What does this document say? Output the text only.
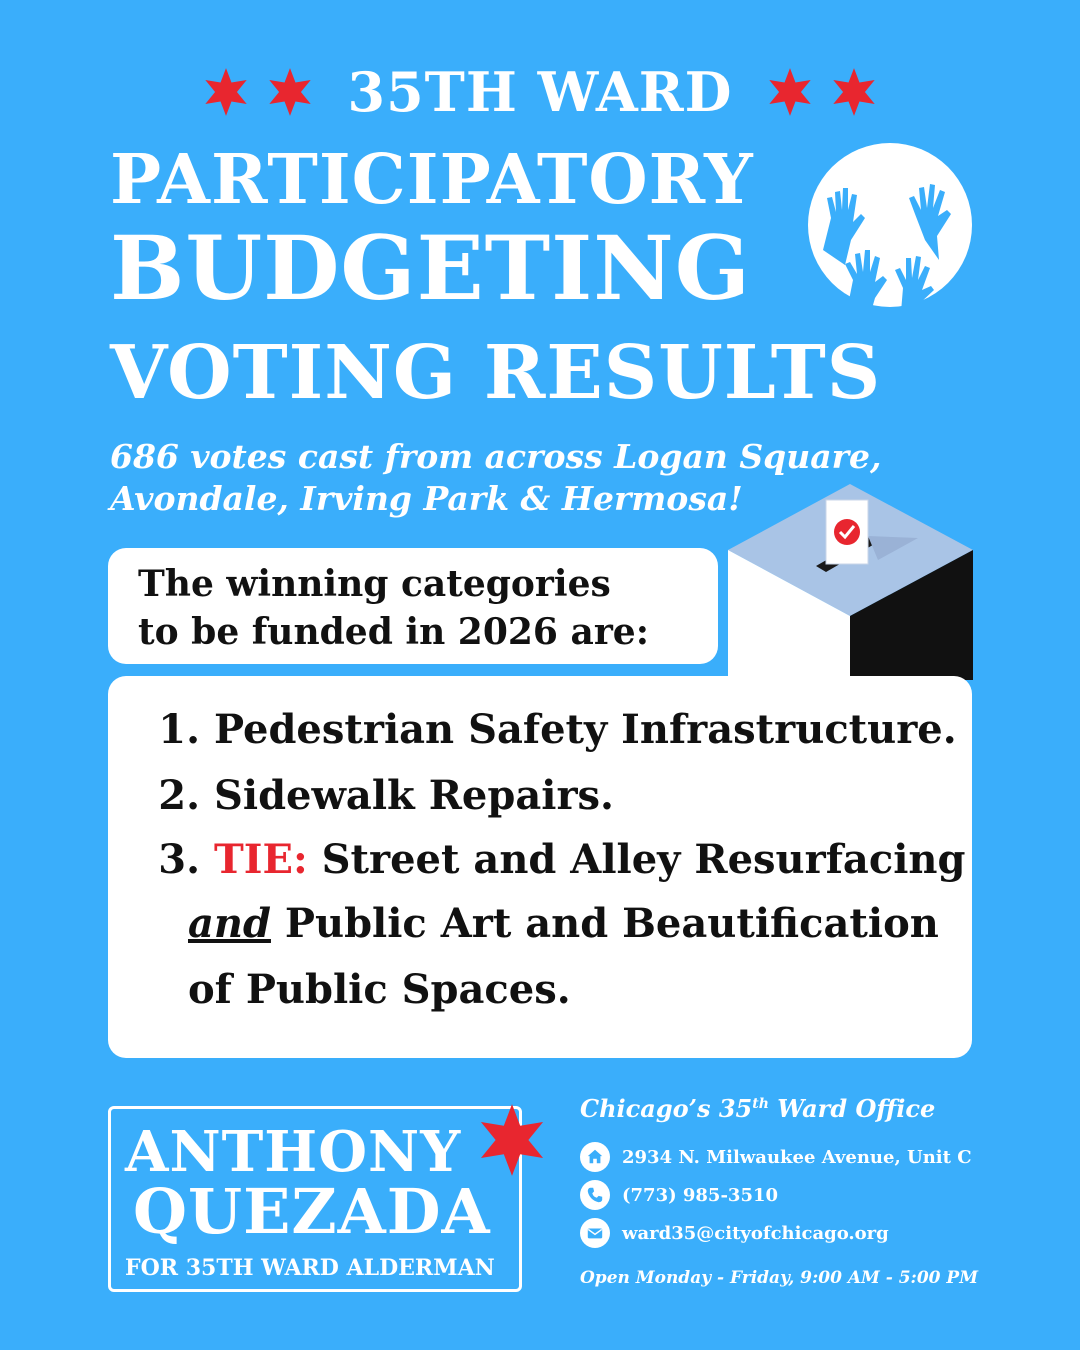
35TH WARD
PARTICIPATORY
BUDGETING
VOTING RESULTS
686 votes cast from across Logan Square,
Avondale, Irving Park & Hermosa!
The winning categories
to be funded in 2026 are:
1. Pedestrian Safety Infrastructure.
2. Sidewalk Repairs.
3. TIE: Street and Alley Resurfacing
and Public Art and Beautification
of Public Spaces.
ANTHONY
QUEZADA
FOR 35TH WARD ALDERMAN
Chicago’s 35th Ward Office
2934 N. Milwaukee Avenue, Unit C
(773) 985-3510
ward35@cityofchicago.org
Open Monday - Friday, 9:00 AM - 5:00 PM
